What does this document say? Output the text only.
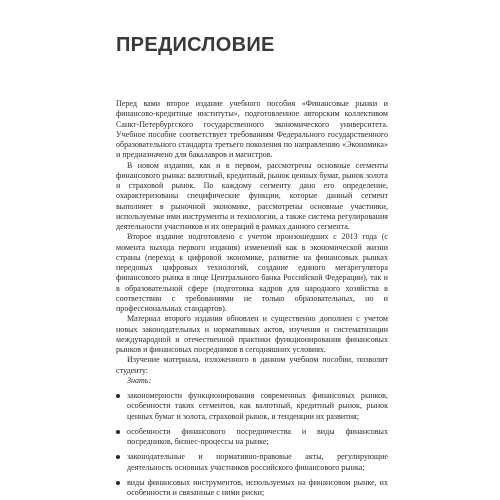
ПРЕДИСЛОВИЕ

Перед вами второе издание учебного пособия «Финансовые рынки и финансово-кредитные институты», подготовленное авторским коллективом Санкт-Петербургского государственного экономического университета. Учебное пособие соответствует требованиям Федерального государственного образовательного стандарта третьего поколения по направлению «Экономика» и предназначено для бакалавров и магистров.

В новом издании, как и в первом, рассмотрены основные сегменты финансового рынка: валютный, кредитный, рынок ценных бумаг, рынок золота и страховой рынок. По каждому сегменту дано его определение, охарактеризованы специфические функции, которые данный сегмент выполняет в рыночной экономике, рассмотрены основные участники, используемые ими инструменты и технологии, а также система регулирования деятельности участников и их операций в рамках данного сегмента.

Второе издание подготовлено с учетом произошедших с 2013 года (с момента выхода первого издания) изменений как в экономической жизни страны (переход к цифровой экономике, развитие на финансовых рынках передовых цифровых технологий, создание единого мегарегулятора финансового рынка в лице Центрального банка Российской Федерации), так и в образовательной сфере (подготовка кадров для народного хозяйства в соответствии с требованиями не только образовательных, но и профессиональных стандартов).

Материал второго издания обновлен и существенно дополнен с учетом новых законодательных и нормативных актов, изучения и систематизации международной и отечественной практики функционирования финансовых рынков и финансовых посредников в сегодняшних условиях.

Изучение материала, изложенного в данном учебном пособии, позволит студенту:

Знать:

закономерности функционирования современных финансовых рынков, особенности таких сегментов, как валютный, кредитный рынок, рынок ценных бумаг и золота, страховой рынок, и тенденции их развития;
особенности финансового посредничества и виды финансовых посредников, бизнес-процессы на рынке;
законодательные и нормативно-правовые акты, регулирующие деятельность основных участников российского финансового рынка;
виды финансовых инструментов, используемых на финансовом рынке, их особенности и связанные с ними риски;
